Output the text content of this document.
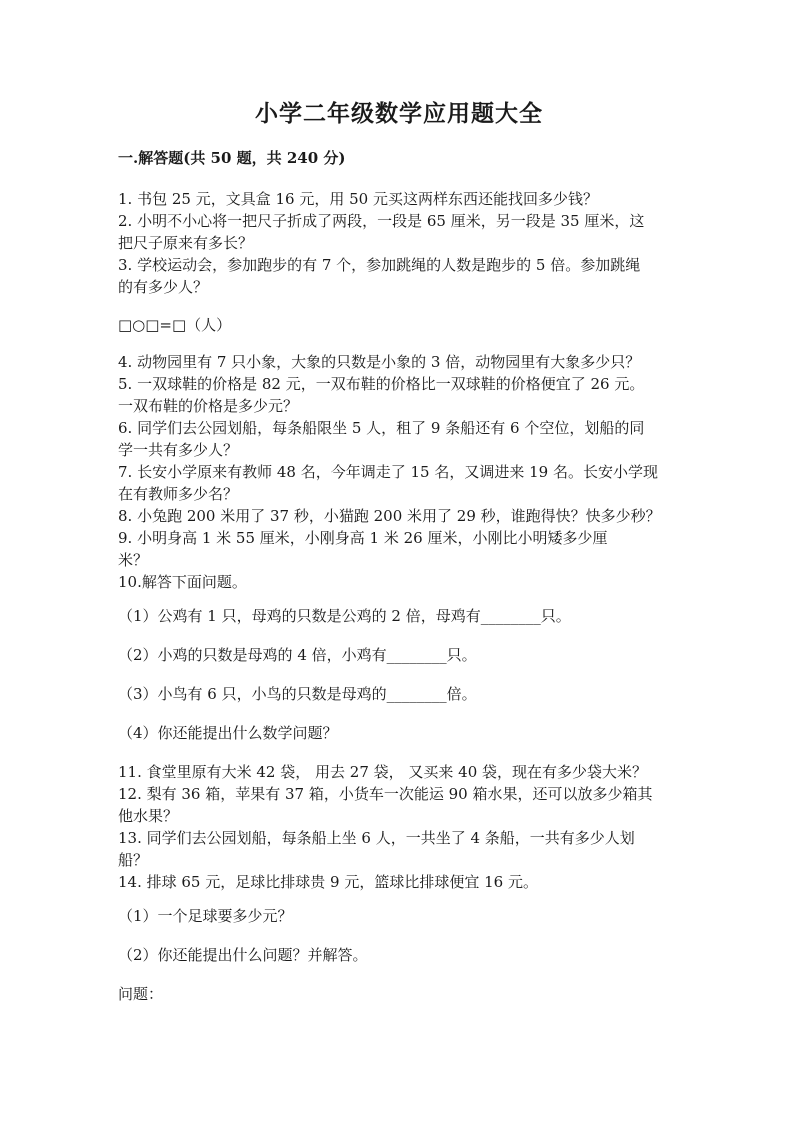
小学二年级数学应用题大全
一.解答题(共 50 题，共 240 分)
1. 书包 25 元，文具盒 16 元，用 50 元买这两样东西还能找回多少钱？
2. 小明不小心将一把尺子折成了两段，一段是 65 厘米，另一段是 35 厘米，这
把尺子原来有多长？
3. 学校运动会，参加跑步的有 7 个，参加跳绳的人数是跑步的 5 倍。参加跳绳
的有多少人？
□○□=□（人）
4. 动物园里有 7 只小象，大象的只数是小象的 3 倍，动物园里有大象多少只？
5. 一双球鞋的价格是 82 元，一双布鞋的价格比一双球鞋的价格便宜了 26 元。
一双布鞋的价格是多少元？
6. 同学们去公园划船，每条船限坐 5 人，租了 9 条船还有 6 个空位，划船的同
学一共有多少人？
7. 长安小学原来有教师 48 名，今年调走了 15 名，又调进来 19 名。长安小学现
在有教师多少名？
8. 小兔跑 200 米用了 37 秒，小猫跑 200 米用了 29 秒，谁跑得快？快多少秒？
9. 小明身高 1 米 55 厘米，小刚身高 1 米 26 厘米，小刚比小明矮多少厘
米？
10.解答下面问题。
（1）公鸡有 1 只，母鸡的只数是公鸡的 2 倍，母鸡有________只。
（2）小鸡的只数是母鸡的 4 倍，小鸡有________只。
（3）小鸟有 6 只，小鸟的只数是母鸡的________倍。
（4）你还能提出什么数学问题？
11. 食堂里原有大米 42 袋， 用去 27 袋， 又买来 40 袋，现在有多少袋大米？
12. 梨有 36 箱，苹果有 37 箱，小货车一次能运 90 箱水果，还可以放多少箱其
他水果？
13. 同学们去公园划船，每条船上坐 6 人，一共坐了 4 条船，一共有多少人划
船？
14. 排球 65 元，足球比排球贵 9 元，篮球比排球便宜 16 元。
（1）一个足球要多少元？
（2）你还能提出什么问题？并解答。
问题：
